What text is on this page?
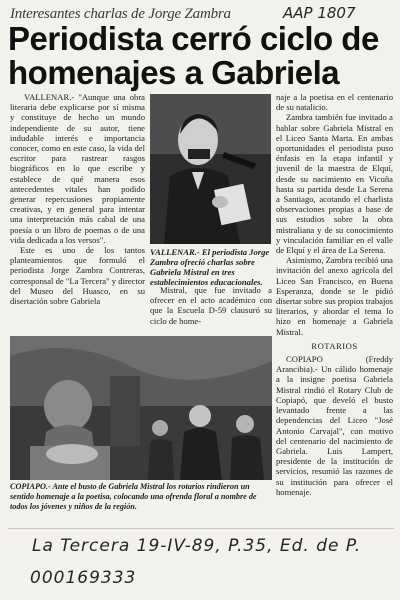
Interesantes charlas de Jorge Zambra	AAP 1807
Periodista cerró ciclo de homenajes a Gabriela

VALLENAR.- "Aunque una obra literaria debe explicarse por sí misma y constituye de hecho un mundo independiente de su autor, tiene indudable interés e importancia conocer, como en este caso, la vida del escritor para rastrear rasgos biográficos en lo que escribe y establece de qué manera esos antecedentes vitales han podido generar repercusiones propiamente creativas, y en general para intentar una interpretación más cabal de una poesía o un libro de poemas o de una vida dedicada a los versos".

Este es uno de los tantos planteamientos que formuló el periodista Jorge Zambra Contreras, corresponsal de "La Tercera" y director del Museo del Huasco, en su disertación sobre Gabriela

VALLENAR.- El periodista Jorge Zambra ofreció charlas sobre Gabriela Mistral en tres establecimientos educacionales.

Mistral, que fue invitado a ofrecer en el acto académico con que la Escuela D-59 clausuró su ciclo de home-

naje a la poetisa en el centenario de su natalicio.

Zambra también fue invitado a hablar sobre Gabriela Mistral en el Liceo Santa Marta. En ambas oportunidades el periodista puso énfasis en la etapa infantil y juvenil de la maestra de Elquí, desde su nacimiento en Vicuña hasta su partida desde La Serena a Santiago, acotando el charlista observaciones propias a base de sus estudios sobre la obra mistraliana y de su conocimiento y vinculación familiar en el valle de Elquí y el área de La Serena.

Asimismo, Zambra recibió una invitación del anexo agrícola del Liceo San Francisco, en Buena Esperanza, donde se le pidió disertar sobre sus propios trabajos literarios, y abordar el tema lo hizo en homenaje a Gabriela Mistral.

ROTARIOS

COPIAPO (Freddy Arancibia).- Un cálido homenaje a la insigne poetisa Gabriela Mistral rindió el Rotary Club de Copiapó, que develó el busto levantado frente a las dependencias del Liceo "José Antonio Carvajal", con motivo del centenario del nacimiento de Gabriela. Luis Lampert, presidente de la institución de servicios, resumió las razones de su institución para ofrecer el homenaje.

COPIAPO.- Ante el busto de Gabriela Mistral los rotarios rindieron un sentido homenaje a la poetisa, colocando una ofrenda floral a nombre de todos los jóvenes y niños de la región.
La Tercera 19-IV-89, P.35, Ed. de P.
000169333
